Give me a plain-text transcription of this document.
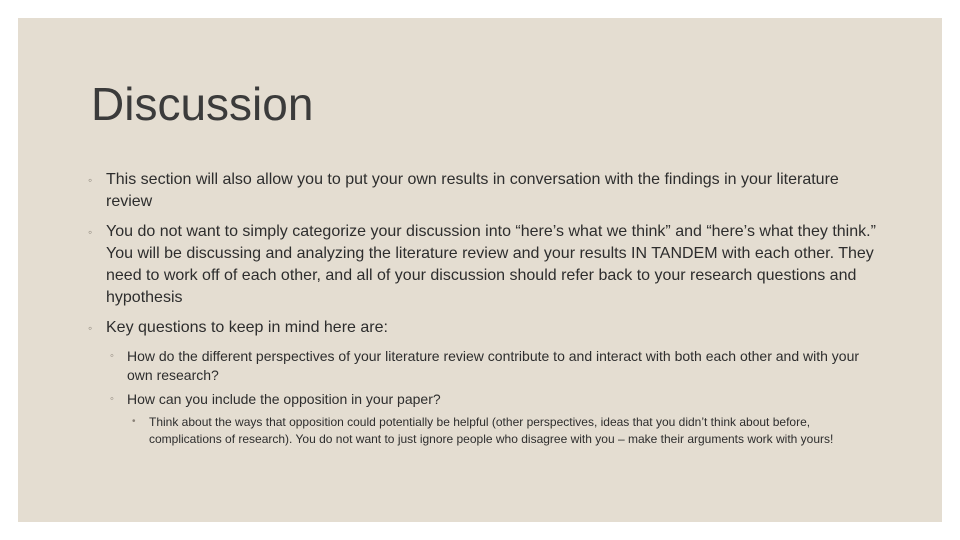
Discussion
◦ This section will also allow you to put your own results in conversation with the findings in your literature review
◦ You do not want to simply categorize your discussion into “here’s what we think” and “here’s what they think.” You will be discussing and analyzing the literature review and your results IN TANDEM with each other. They need to work off of each other, and all of your discussion should refer back to your research questions and hypothesis
◦ Key questions to keep in mind here are:
◦ How do the different perspectives of your literature review contribute to and interact with both each other and with your own research?
◦ How can you include the opposition in your paper?
• Think about the ways that opposition could potentially be helpful (other perspectives, ideas that you didn’t think about before, complications of research). You do not want to just ignore people who disagree with you – make their arguments work with yours!
